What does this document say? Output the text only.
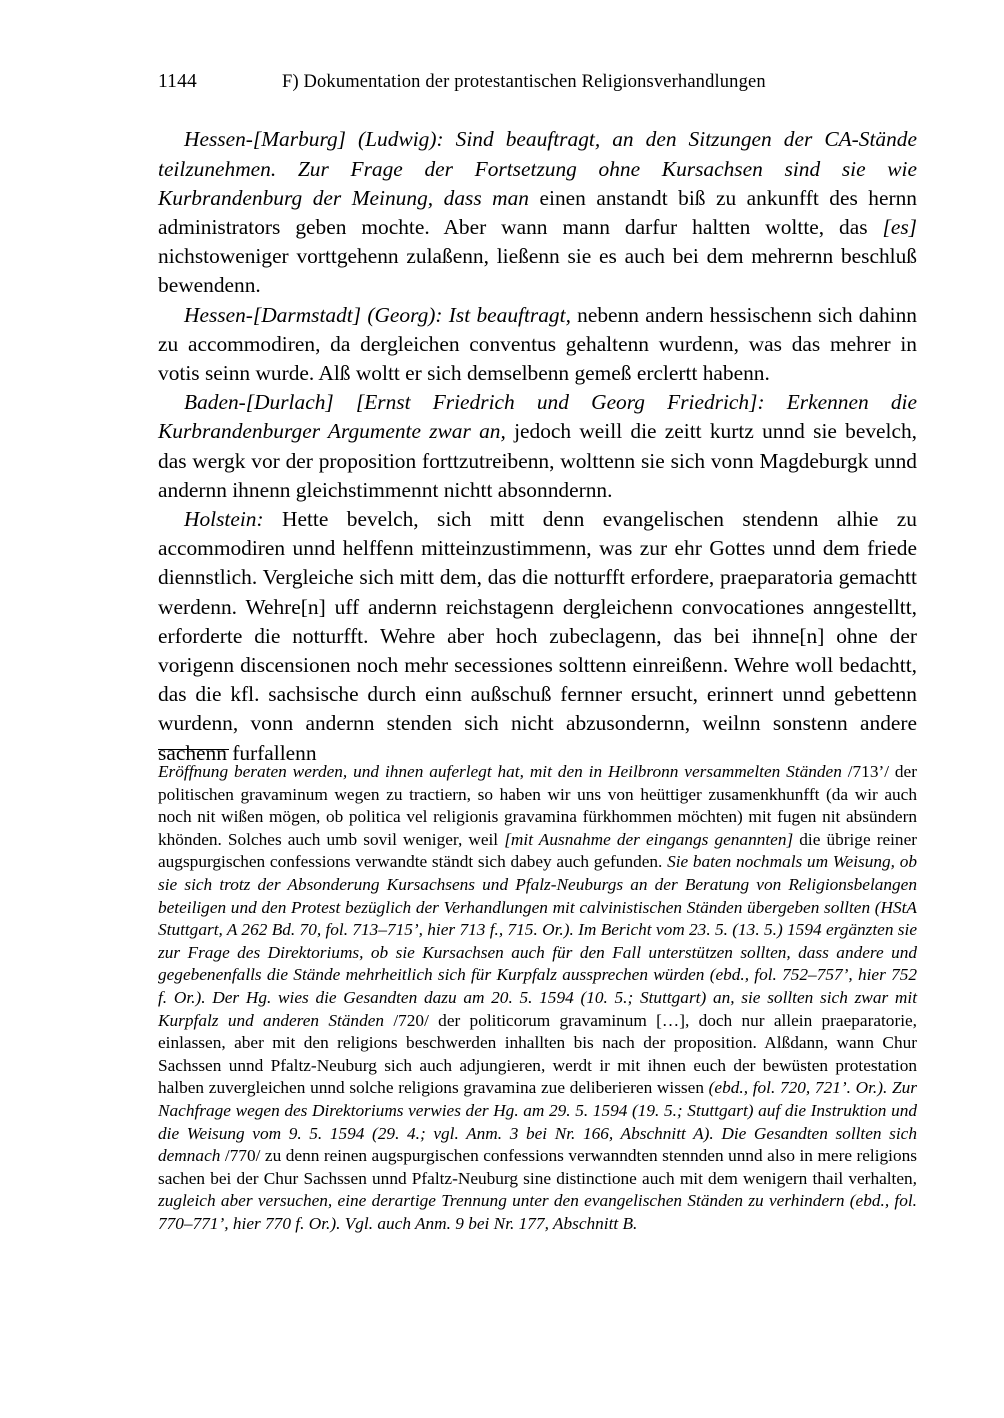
1144	F) Dokumentation der protestantischen Religionsverhandlungen

Hessen-[Marburg] (Ludwig): Sind beauftragt, an den Sitzungen der CA-Stände teilzunehmen. Zur Frage der Fortsetzung ohne Kursachsen sind sie wie Kurbrandenburg der Meinung, dass man einen anstandt biß zu ankunfft des hernn administrators geben mochte. Aber wann mann darfur haltten woltte, das [es] nichstoweniger vorttgehenn zulaßenn, ließenn sie es auch bei dem mehrernn beschluß bewendenn.

Hessen-[Darmstadt] (Georg): Ist beauftragt, nebenn andern hessischenn sich dahinn zu accommodiren, da dergleichen conventus gehaltenn wurdenn, was das mehrer in votis seinn wurde. Alß woltt er sich demselbenn gemeß erclertt habenn.

Baden-[Durlach] [Ernst Friedrich und Georg Friedrich]: Erkennen die Kurbrandenburger Argumente zwar an, jedoch weill die zeitt kurtz unnd sie bevelch, das wergk vor der proposition forttzutreibenn, wolttenn sie sich vonn Magdeburgk unnd andernn ihnenn gleichstimmennt nichtt absonndernn.

Holstein: Hette bevelch, sich mitt denn evangelischen stendenn alhie zu accommodiren unnd helffenn mitteinzustimmenn, was zur ehr Gottes unnd dem friede diennstlich. Vergleiche sich mitt dem, das die notturfft erfordere, praeparatoria gemachtt werdenn. Wehre[n] uff andernn reichstagenn dergleichenn convocationes anngestelltt, erforderte die notturfft. Wehre aber hoch zubeclagenn, das bei ihnne[n] ohne der vorigenn discensionen noch mehr secessiones solttenn einreißenn. Wehre woll bedachtt, das die kfl. sachsische durch einn außschuß fernner ersucht, erinnert unnd gebettenn wurdenn, vonn andernn stenden sich nicht abzusondernn, weilnn sonstenn andere sachenn furfallenn

Eröffnung beraten werden, und ihnen auferlegt hat, mit den in Heilbronn versammelten Ständen /713’/ der politischen gravaminum wegen zu tractiern, so haben wir uns von heüttiger zusamenkhunfft (da wir auch noch nit wißen mögen, ob politica vel religionis gravamina fürkhommen möchten) mit fugen nit absündern khönden. Solches auch umb sovil weniger, weil [mit Ausnahme der eingangs genannten] die übrige reiner augspurgischen confessions verwandte ständt sich dabey auch gefunden. Sie baten nochmals um Weisung, ob sie sich trotz der Absonderung Kursachsens und Pfalz-Neuburgs an der Beratung von Religionsbelangen beteiligen und den Protest bezüglich der Verhandlungen mit calvinistischen Ständen übergeben sollten (HStA Stuttgart, A 262 Bd. 70, fol. 713–715’, hier 713 f., 715. Or.). Im Bericht vom 23. 5. (13. 5.) 1594 ergänzten sie zur Frage des Direktoriums, ob sie Kursachsen auch für den Fall unterstützen sollten, dass andere und gegebenenfalls die Stände mehrheitlich sich für Kurpfalz aussprechen würden (ebd., fol. 752–757’, hier 752 f. Or.). Der Hg. wies die Gesandten dazu am 20. 5. 1594 (10. 5.; Stuttgart) an, sie sollten sich zwar mit Kurpfalz und anderen Ständen /720/ der politicorum gravaminum […], doch nur allein praeparatorie, einlassen, aber mit den religions beschwerden inhallten bis nach der proposition. Alßdann, wann Chur Sachssen unnd Pfaltz-Neuburg sich auch adjungieren, werdt ir mit ihnen euch der bewüsten protestation halben zuvergleichen unnd solche religions gravamina zue deliberieren wissen (ebd., fol. 720, 721’. Or.). Zur Nachfrage wegen des Direktoriums verwies der Hg. am 29. 5. 1594 (19. 5.; Stuttgart) auf die Instruktion und die Weisung vom 9. 5. 1594 (29. 4.; vgl. Anm. 3 bei Nr. 166, Abschnitt A). Die Gesandten sollten sich demnach /770/ zu denn reinen augspurgischen confessions verwanndten stennden unnd also in mere religions sachen bei der Chur Sachssen unnd Pfaltz-Neuburg sine distinctione auch mit dem wenigern thail verhalten, zugleich aber versuchen, eine derartige Trennung unter den evangelischen Ständen zu verhindern (ebd., fol. 770–771’, hier 770 f. Or.). Vgl. auch Anm. 9 bei Nr. 177, Abschnitt B.
